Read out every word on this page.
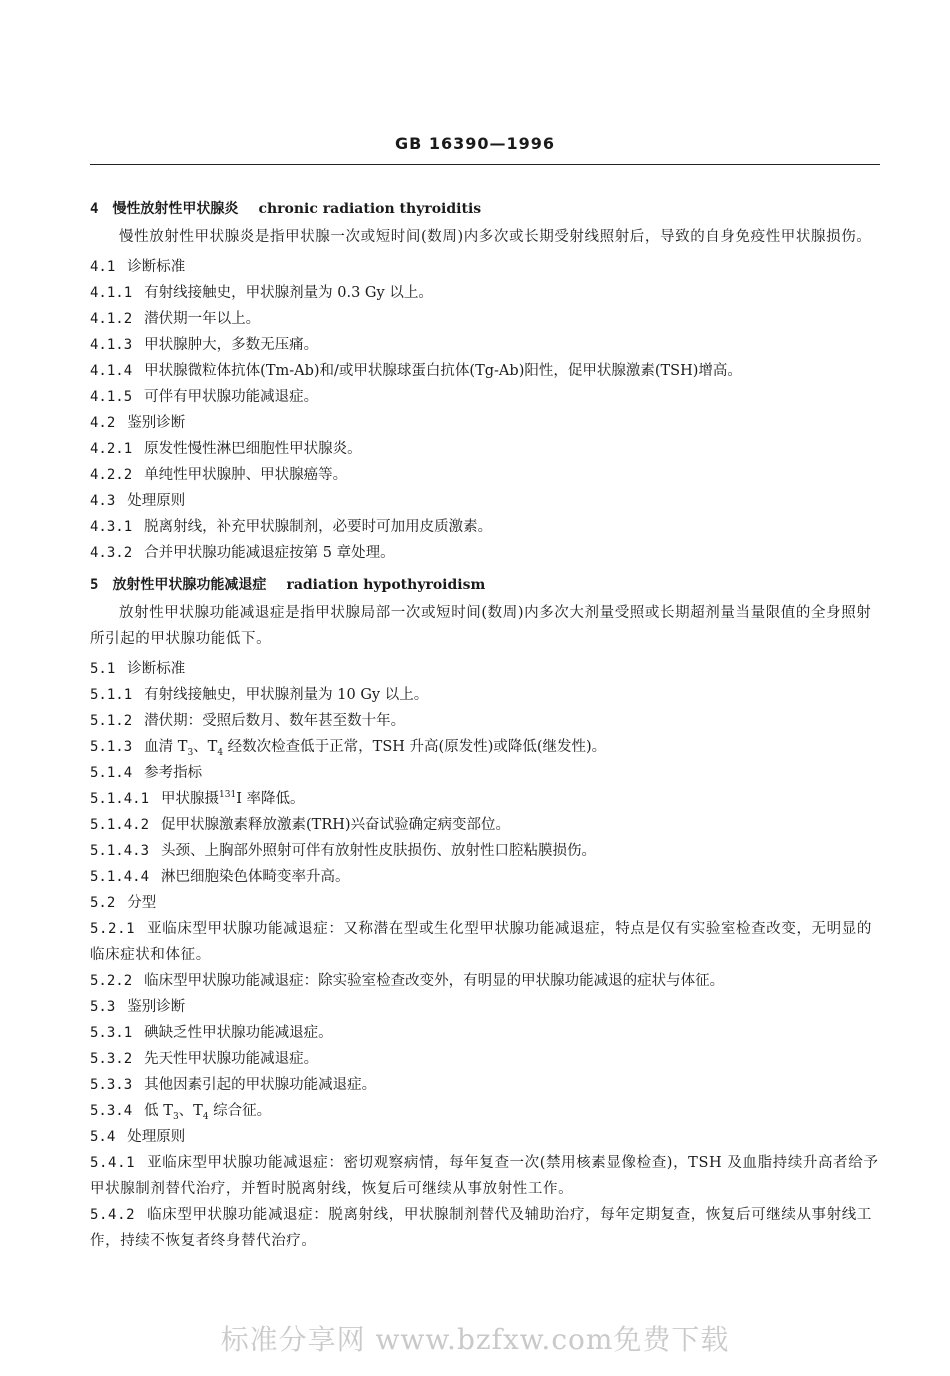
GB 16390—1996
4 慢性放射性甲状腺炎 chronic radiation thyroiditis
慢性放射性甲状腺炎是指甲状腺一次或短时间(数周)内多次或长期受射线照射后，导致的自身免疫性甲状腺损伤。
4.1 诊断标准
4.1.1 有射线接触史，甲状腺剂量为 0.3 Gy 以上。
4.1.2 潜伏期一年以上。
4.1.3 甲状腺肿大，多数无压痛。
4.1.4 甲状腺微粒体抗体(Tm-Ab)和/或甲状腺球蛋白抗体(Tg-Ab)阳性，促甲状腺激素(TSH)增高。
4.1.5 可伴有甲状腺功能减退症。
4.2 鉴别诊断
4.2.1 原发性慢性淋巴细胞性甲状腺炎。
4.2.2 单纯性甲状腺肿、甲状腺癌等。
4.3 处理原则
4.3.1 脱离射线，补充甲状腺制剂，必要时可加用皮质激素。
4.3.2 合并甲状腺功能减退症按第 5 章处理。
5 放射性甲状腺功能减退症 radiation hypothyroidism
放射性甲状腺功能减退症是指甲状腺局部一次或短时间(数周)内多次大剂量受照或长期超剂量当量限值的全身照射所引起的甲状腺功能低下。
5.1 诊断标准
5.1.1 有射线接触史，甲状腺剂量为 10 Gy 以上。
5.1.2 潜伏期：受照后数月、数年甚至数十年。
5.1.3 血清 $T_3$、$T_4$ 经数次检查低于正常，TSH 升高(原发性)或降低(继发性)。
5.1.4 参考指标
5.1.4.1 甲状腺摄$^{131}$I 率降低。
5.1.4.2 促甲状腺激素释放激素(TRH)兴奋试验确定病变部位。
5.1.4.3 头颈、上胸部外照射可伴有放射性皮肤损伤、放射性口腔粘膜损伤。
5.1.4.4 淋巴细胞染色体畸变率升高。
5.2 分型
5.2.1 亚临床型甲状腺功能减退症：又称潜在型或生化型甲状腺功能减退症，特点是仅有实验室检查改变，无明显的临床症状和体征。
5.2.2 临床型甲状腺功能减退症：除实验室检查改变外，有明显的甲状腺功能减退的症状与体征。
5.3 鉴别诊断
5.3.1 碘缺乏性甲状腺功能减退症。
5.3.2 先天性甲状腺功能减退症。
5.3.3 其他因素引起的甲状腺功能减退症。
5.3.4 低 $T_3$、$T_4$ 综合征。
5.4 处理原则
5.4.1 亚临床型甲状腺功能减退症：密切观察病情，每年复查一次(禁用核素显像检查)，TSH 及血脂持续升高者给予甲状腺制剂替代治疗，并暂时脱离射线，恢复后可继续从事放射性工作。
5.4.2 临床型甲状腺功能减退症：脱离射线，甲状腺制剂替代及辅助治疗，每年定期复查，恢复后可继续从事射线工作，持续不恢复者终身替代治疗。
标准分享网 www.bzfxw.com免费下载
